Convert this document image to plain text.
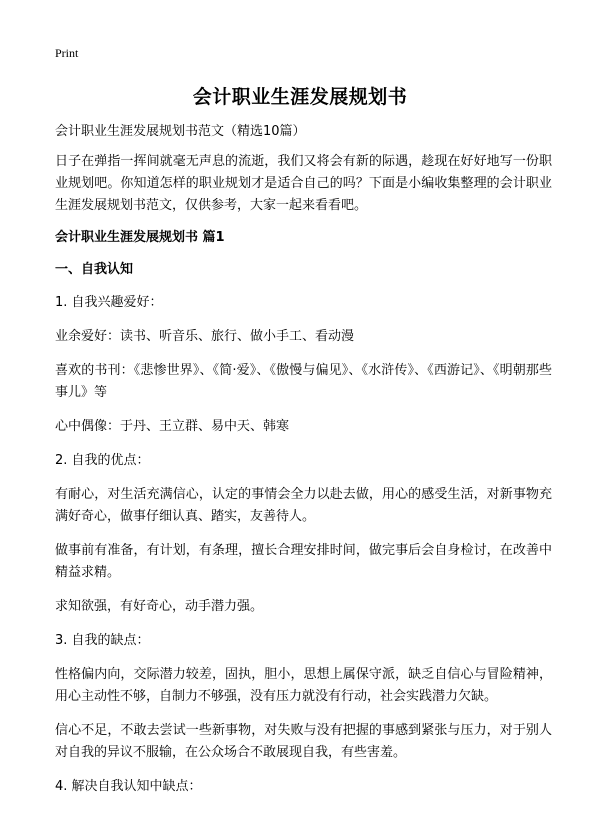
Print
会计职业生涯发展规划书

会计职业生涯发展规划书范文（精选10篇）

日子在弹指一挥间就毫无声息的流逝，我们又将会有新的际遇，趁现在好好地写一份职业规划吧。你知道怎样的职业规划才是适合自己的吗？下面是小编收集整理的会计职业生涯发展规划书范文，仅供参考，大家一起来看看吧。

会计职业生涯发展规划书 篇1

一、自我认知

1. 自我兴趣爱好：

业余爱好：读书、听音乐、旅行、做小手工、看动漫

喜欢的书刊：《悲惨世界》、《简·爱》、《傲慢与偏见》、《水浒传》、《西游记》、《明朝那些事儿》等

心中偶像：于丹、王立群、易中天、韩寒

2. 自我的优点：

有耐心，对生活充满信心，认定的事情会全力以赴去做，用心的感受生活，对新事物充满好奇心，做事仔细认真、踏实，友善待人。

做事前有准备，有计划，有条理，擅长合理安排时间，做完事后会自身检讨，在改善中精益求精。

求知欲强，有好奇心，动手潜力强。

3. 自我的缺点：

性格偏内向，交际潜力较差，固执，胆小，思想上属保守派，缺乏自信心与冒险精神，用心主动性不够，自制力不够强，没有压力就没有行动，社会实践潜力欠缺。

信心不足，不敢去尝试一些新事物，对失败与没有把握的事感到紧张与压力，对于别人对自我的异议不服输，在公众场合不敢展现自我，有些害羞。

4. 解决自我认知中缺点：
